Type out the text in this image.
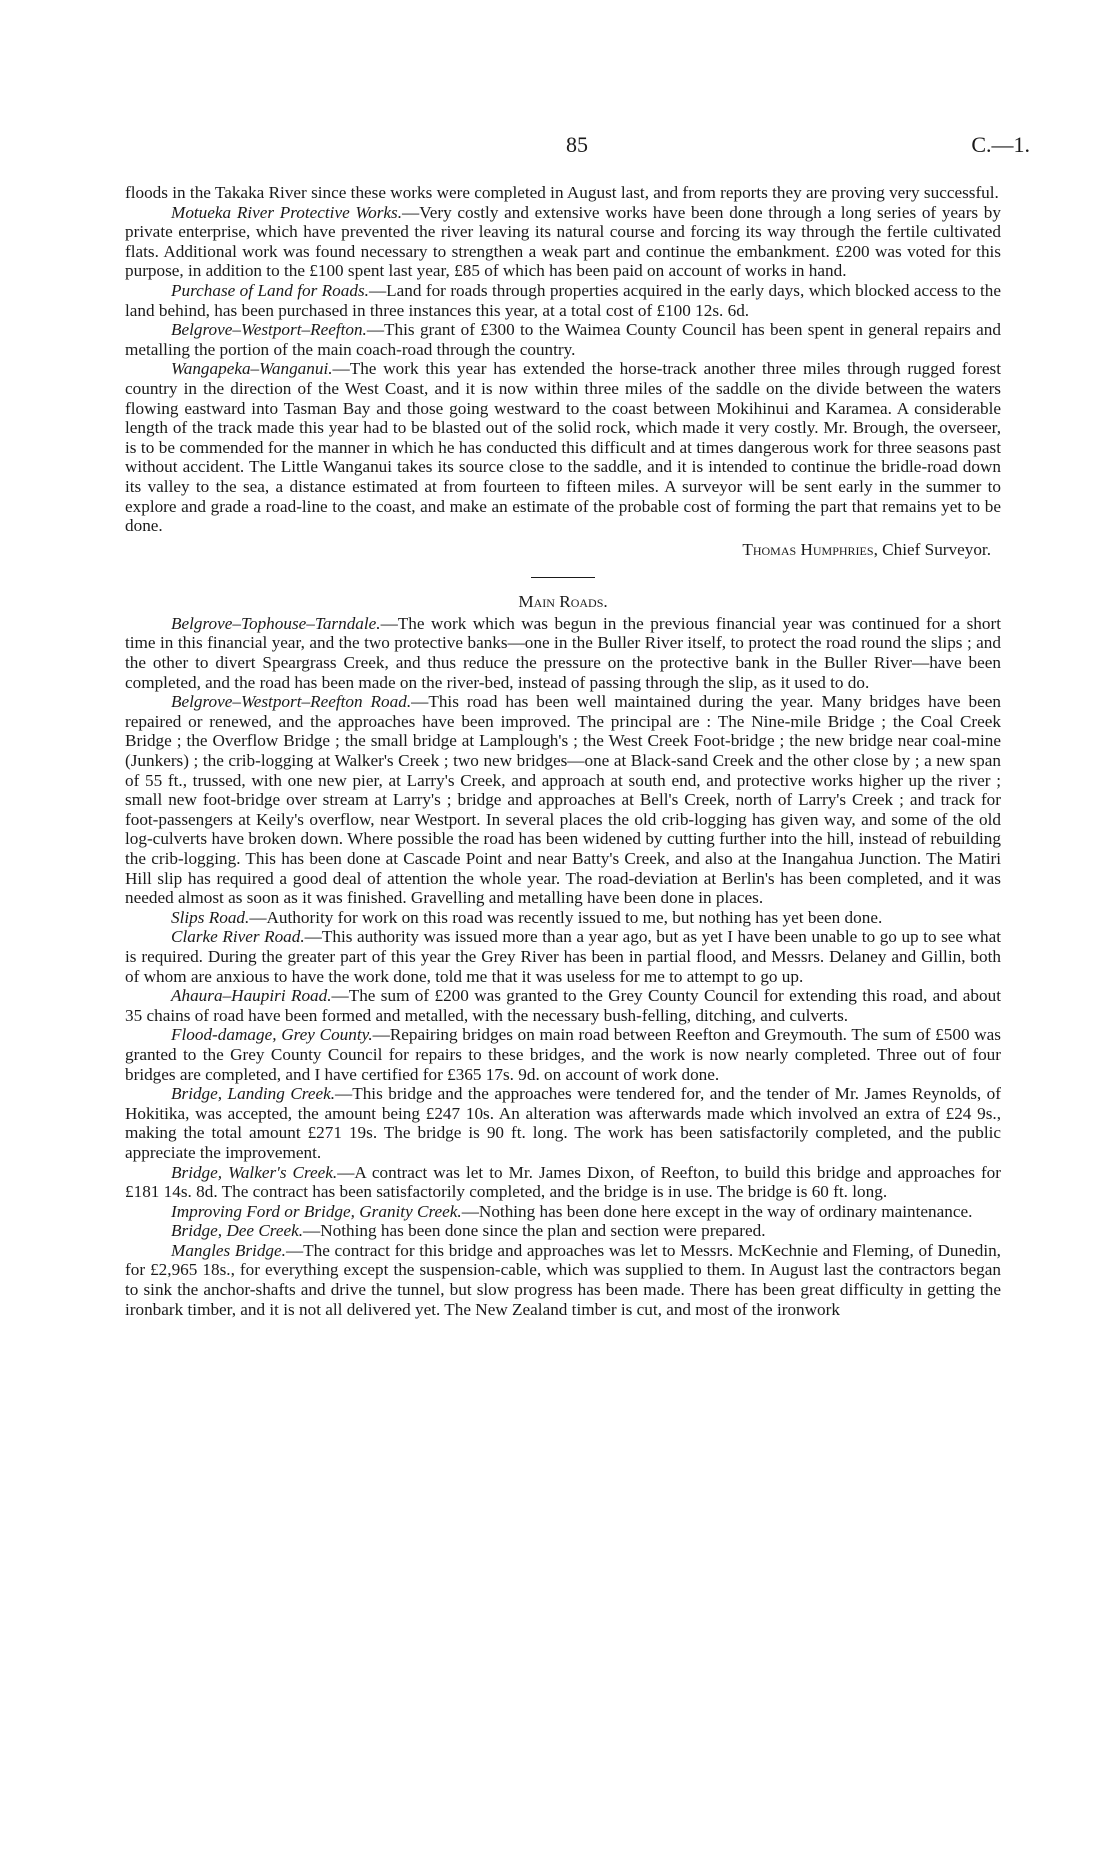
85	C.—1.

floods in the Takaka River since these works were completed in August last, and from reports they are proving very successful.

Motueka River Protective Works.—Very costly and extensive works have been done through a long series of years by private enterprise, which have prevented the river leaving its natural course and forcing its way through the fertile cultivated flats. Additional work was found necessary to strengthen a weak part and continue the embankment. £200 was voted for this purpose, in addition to the £100 spent last year, £85 of which has been paid on account of works in hand.

Purchase of Land for Roads.—Land for roads through properties acquired in the early days, which blocked access to the land behind, has been purchased in three instances this year, at a total cost of £100 12s. 6d.

Belgrove–Westport–Reefton.—This grant of £300 to the Waimea County Council has been spent in general repairs and metalling the portion of the main coach-road through the country.

Wangapeka–Wanganui.—The work this year has extended the horse-track another three miles through rugged forest country in the direction of the West Coast, and it is now within three miles of the saddle on the divide between the waters flowing eastward into Tasman Bay and those going westward to the coast between Mokihinui and Karamea. A considerable length of the track made this year had to be blasted out of the solid rock, which made it very costly. Mr. Brough, the overseer, is to be commended for the manner in which he has conducted this difficult and at times dangerous work for three seasons past without accident. The Little Wanganui takes its source close to the saddle, and it is intended to continue the bridle-road down its valley to the sea, a distance estimated at from fourteen to fifteen miles. A surveyor will be sent early in the summer to explore and grade a road-line to the coast, and make an estimate of the probable cost of forming the part that remains yet to be done.

Thomas Humphries, Chief Surveyor.

Main Roads.

Belgrove–Tophouse–Tarndale.—The work which was begun in the previous financial year was continued for a short time in this financial year, and the two protective banks—one in the Buller River itself, to protect the road round the slips ; and the other to divert Speargrass Creek, and thus reduce the pressure on the protective bank in the Buller River—have been completed, and the road has been made on the river-bed, instead of passing through the slip, as it used to do.

Belgrove–Westport–Reefton Road.—This road has been well maintained during the year. Many bridges have been repaired or renewed, and the approaches have been improved. The principal are : The Nine-mile Bridge ; the Coal Creek Bridge ; the Overflow Bridge ; the small bridge at Lamplough's ; the West Creek Foot-bridge ; the new bridge near coal-mine (Junkers) ; the crib-logging at Walker's Creek ; two new bridges—one at Black-sand Creek and the other close by ; a new span of 55 ft., trussed, with one new pier, at Larry's Creek, and approach at south end, and protective works higher up the river ; small new foot-bridge over stream at Larry's ; bridge and approaches at Bell's Creek, north of Larry's Creek ; and track for foot-passengers at Keily's overflow, near Westport. In several places the old crib-logging has given way, and some of the old log-culverts have broken down. Where possible the road has been widened by cutting further into the hill, instead of rebuilding the crib-logging. This has been done at Cascade Point and near Batty's Creek, and also at the Inangahua Junction. The Matiri Hill slip has required a good deal of attention the whole year. The road-deviation at Berlin's has been completed, and it was needed almost as soon as it was finished. Gravelling and metalling have been done in places.

Slips Road.—Authority for work on this road was recently issued to me, but nothing has yet been done.

Clarke River Road.—This authority was issued more than a year ago, but as yet I have been unable to go up to see what is required. During the greater part of this year the Grey River has been in partial flood, and Messrs. Delaney and Gillin, both of whom are anxious to have the work done, told me that it was useless for me to attempt to go up.

Ahaura–Haupiri Road.—The sum of £200 was granted to the Grey County Council for extending this road, and about 35 chains of road have been formed and metalled, with the necessary bush-felling, ditching, and culverts.

Flood-damage, Grey County.—Repairing bridges on main road between Reefton and Greymouth. The sum of £500 was granted to the Grey County Council for repairs to these bridges, and the work is now nearly completed. Three out of four bridges are completed, and I have certified for £365 17s. 9d. on account of work done.

Bridge, Landing Creek.—This bridge and the approaches were tendered for, and the tender of Mr. James Reynolds, of Hokitika, was accepted, the amount being £247 10s. An alteration was afterwards made which involved an extra of £24 9s., making the total amount £271 19s. The bridge is 90 ft. long. The work has been satisfactorily completed, and the public appreciate the improvement.

Bridge, Walker's Creek.—A contract was let to Mr. James Dixon, of Reefton, to build this bridge and approaches for £181 14s. 8d. The contract has been satisfactorily completed, and the bridge is in use. The bridge is 60 ft. long.

Improving Ford or Bridge, Granity Creek.—Nothing has been done here except in the way of ordinary maintenance.

Bridge, Dee Creek.—Nothing has been done since the plan and section were prepared.

Mangles Bridge.—The contract for this bridge and approaches was let to Messrs. McKechnie and Fleming, of Dunedin, for £2,965 18s., for everything except the suspension-cable, which was supplied to them. In August last the contractors began to sink the anchor-shafts and drive the tunnel, but slow progress has been made. There has been great difficulty in getting the ironbark timber, and it is not all delivered yet. The New Zealand timber is cut, and most of the ironwork
